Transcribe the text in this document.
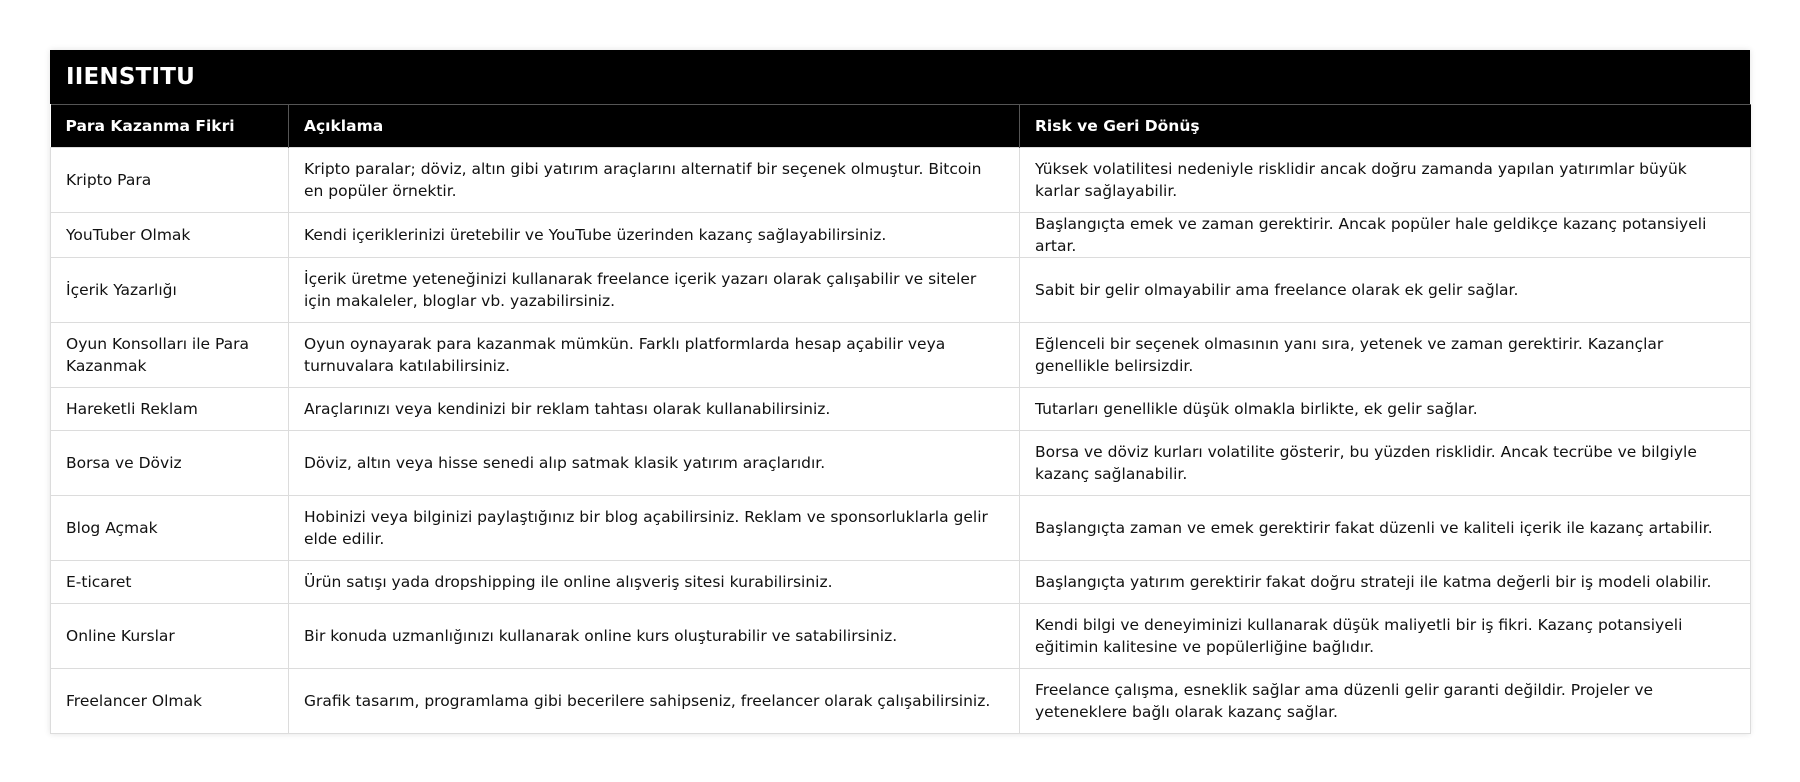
IIENSTITU
Para Kazanma Fikri	Açıklama	Risk ve Geri Dönüş
Kripto Para	Kripto paralar; döviz, altın gibi yatırım araçlarını alternatif bir seçenek olmuştur. Bitcoin en popüler örnektir.	Yüksek volatilitesi nedeniyle risklidir ancak doğru zamanda yapılan yatırımlar büyük karlar sağlayabilir.
YouTuber Olmak	Kendi içeriklerinizi üretebilir ve YouTube üzerinden kazanç sağlayabilirsiniz.	Başlangıçta emek ve zaman gerektirir. Ancak popüler hale geldikçe kazanç potansiyeli artar.
İçerik Yazarlığı	İçerik üretme yeteneğinizi kullanarak freelance içerik yazarı olarak çalışabilir ve siteler için makaleler, bloglar vb. yazabilirsiniz.	Sabit bir gelir olmayabilir ama freelance olarak ek gelir sağlar.
Oyun Konsolları ile Para Kazanmak	Oyun oynayarak para kazanmak mümkün. Farklı platformlarda hesap açabilir veya turnuvalara katılabilirsiniz.	Eğlenceli bir seçenek olmasının yanı sıra, yetenek ve zaman gerektirir. Kazançlar genellikle belirsizdir.
Hareketli Reklam	Araçlarınızı veya kendinizi bir reklam tahtası olarak kullanabilirsiniz.	Tutarları genellikle düşük olmakla birlikte, ek gelir sağlar.
Borsa ve Döviz	Döviz, altın veya hisse senedi alıp satmak klasik yatırım araçlarıdır.	Borsa ve döviz kurları volatilite gösterir, bu yüzden risklidir. Ancak tecrübe ve bilgiyle kazanç sağlanabilir.
Blog Açmak	Hobinizi veya bilginizi paylaştığınız bir blog açabilirsiniz. Reklam ve sponsorluklarla gelir elde edilir.	Başlangıçta zaman ve emek gerektirir fakat düzenli ve kaliteli içerik ile kazanç artabilir.
E-ticaret	Ürün satışı yada dropshipping ile online alışveriş sitesi kurabilirsiniz.	Başlangıçta yatırım gerektirir fakat doğru strateji ile katma değerli bir iş modeli olabilir.
Online Kurslar	Bir konuda uzmanlığınızı kullanarak online kurs oluşturabilir ve satabilirsiniz.	Kendi bilgi ve deneyiminizi kullanarak düşük maliyetli bir iş fikri. Kazanç potansiyeli eğitimin kalitesine ve popülerliğine bağlıdır.
Freelancer Olmak	Grafik tasarım, programlama gibi becerilere sahipseniz, freelancer olarak çalışabilirsiniz.	Freelance çalışma, esneklik sağlar ama düzenli gelir garanti değildir. Projeler ve yeteneklere bağlı olarak kazanç sağlar.
